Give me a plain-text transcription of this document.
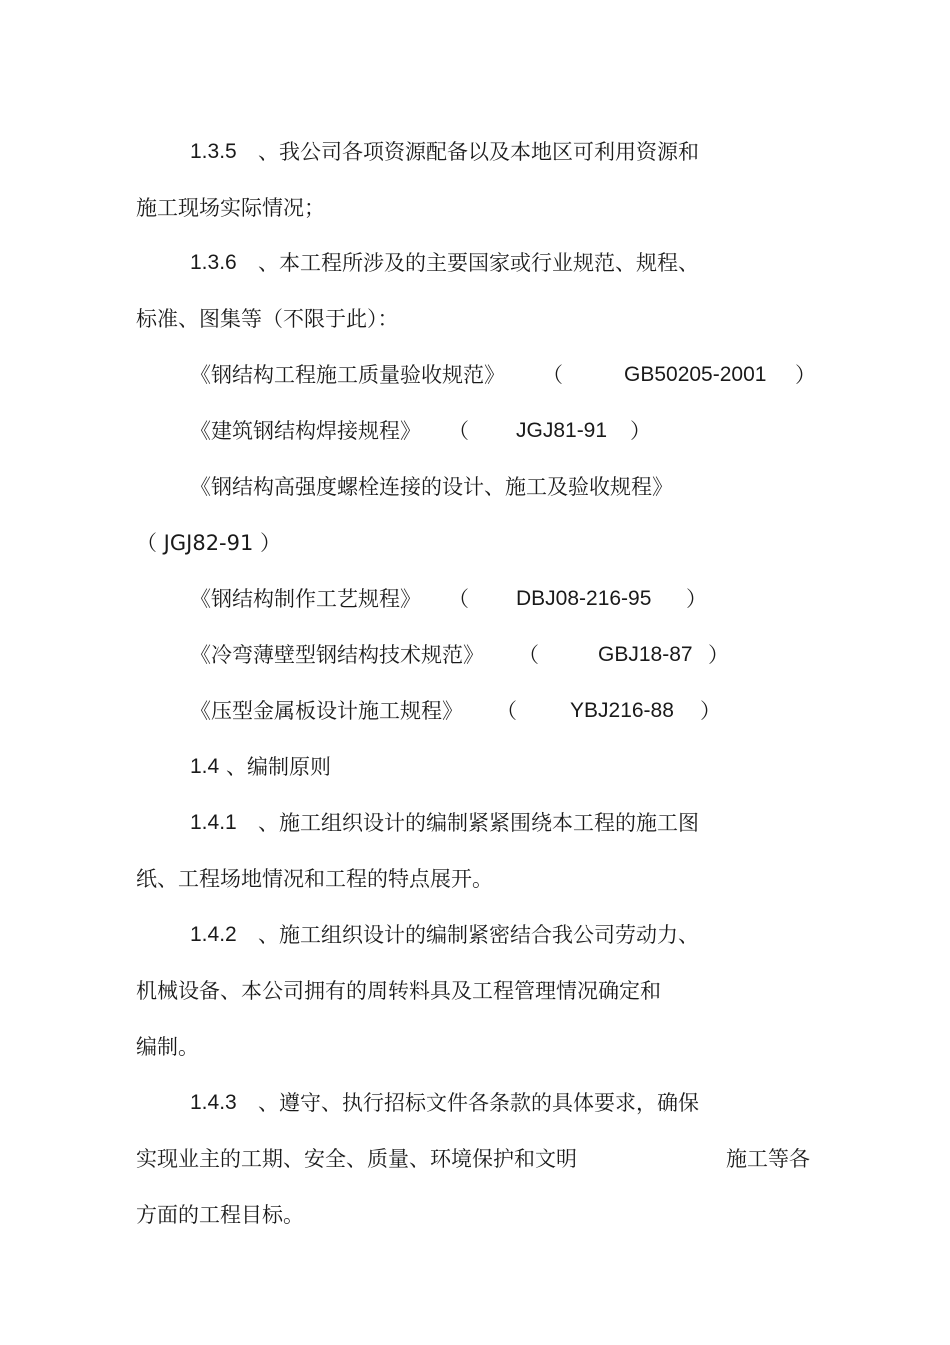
1.3.5 、我公司各项资源配备以及本地区可利用资源和
施工现场实际情况；
1.3.6 、本工程所涉及的主要国家或行业规范、规程、
标准、图集等（不限于此）：
《钢结构工程施工质量验收规范》 （	GB50205-2001 ）
《建筑钢结构焊接规程》 （ JGJ81-91 ）
《钢结构高强度螺栓连接的设计、施工及验收规程》
（ JGJ82-91 ）
《钢结构制作工艺规程》 （ DBJ08-216-95 ）
《冷弯薄壁型钢结构技术规范》 （	GBJ18-87 ）
《压型金属板设计施工规程》 （	YBJ216-88 ）
1.4 、编制原则
1.4.1 、施工组织设计的编制紧紧围绕本工程的施工图
纸、工程场地情况和工程的特点展开。
1.4.2 、施工组织设计的编制紧密结合我公司劳动力、
机械设备、本公司拥有的周转料具及工程管理情况确定和
编制。
1.4.3 、遵守、执行招标文件各条款的具体要求，确保
实现业主的工期、安全、质量、环境保护和文明	施工等各
方面的工程目标。
